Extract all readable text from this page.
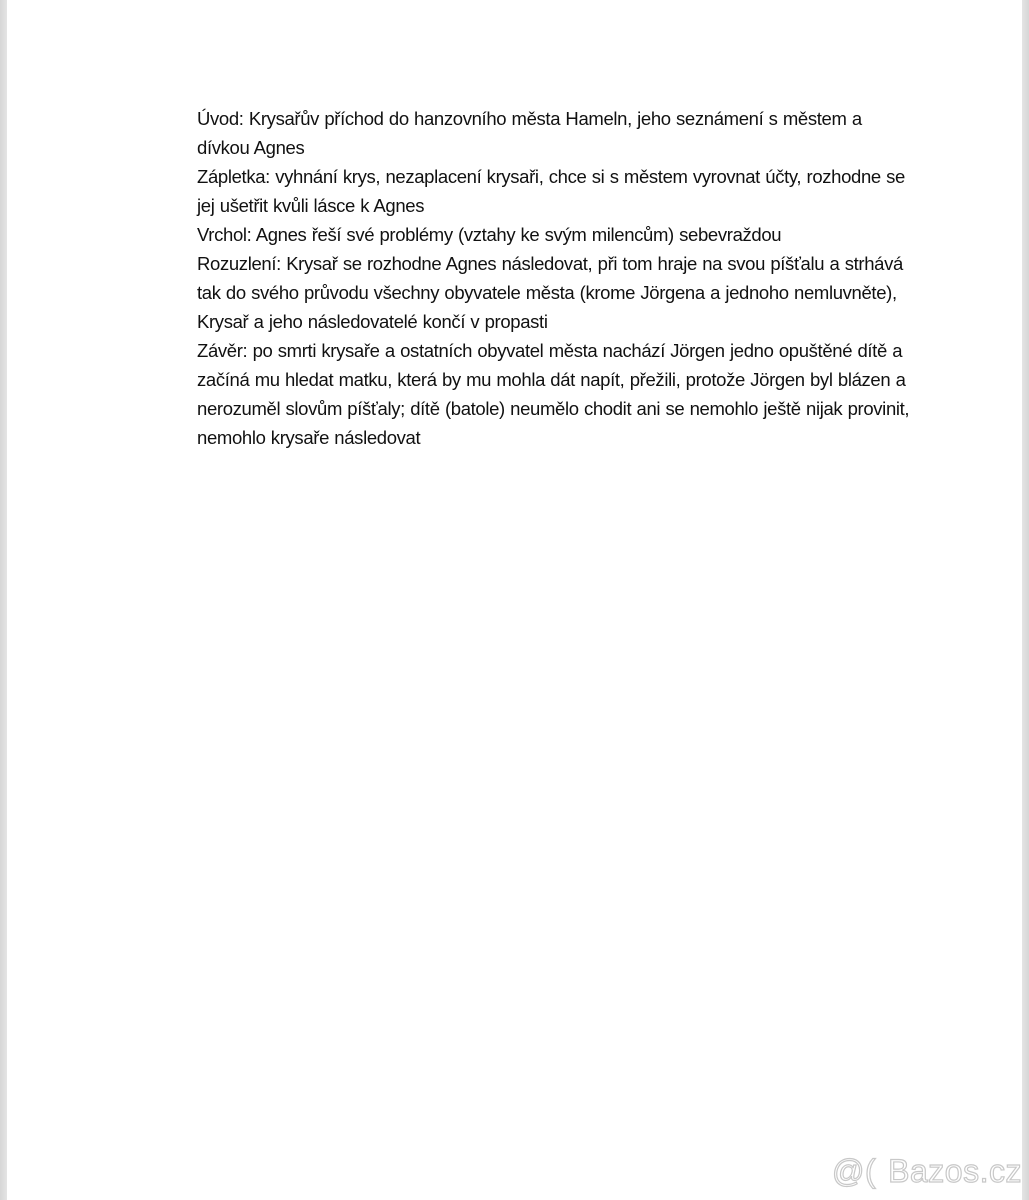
Úvod: Krysařův příchod do hanzovního města Hameln, jeho seznámení s městem a dívkou Agnes

Zápletka: vyhnání krys, nezaplacení krysaři, chce si s městem vyrovnat účty, rozhodne se jej ušetřit kvůli lásce k Agnes

Vrchol: Agnes řeší své problémy (vztahy ke svým milencům) sebevraždou

Rozuzlení: Krysař se rozhodne Agnes následovat, při tom hraje na svou píšťalu a strhává tak do svého průvodu všechny obyvatele města (krome Jörgena a jednoho nemluvněte), Krysař a jeho následovatelé končí v propasti

Závěr: po smrti krysaře a ostatních obyvatel města nachází Jörgen jedno opuštěné dítě a začíná mu hledat matku, která by mu mohla dát napít, přežili, protože Jörgen byl blázen a nerozuměl slovům píšťaly; dítě (batole) neumělo chodit ani se nemohlo ještě nijak provinit, nemohlo krysaře následovat

@( Bazos.cz
